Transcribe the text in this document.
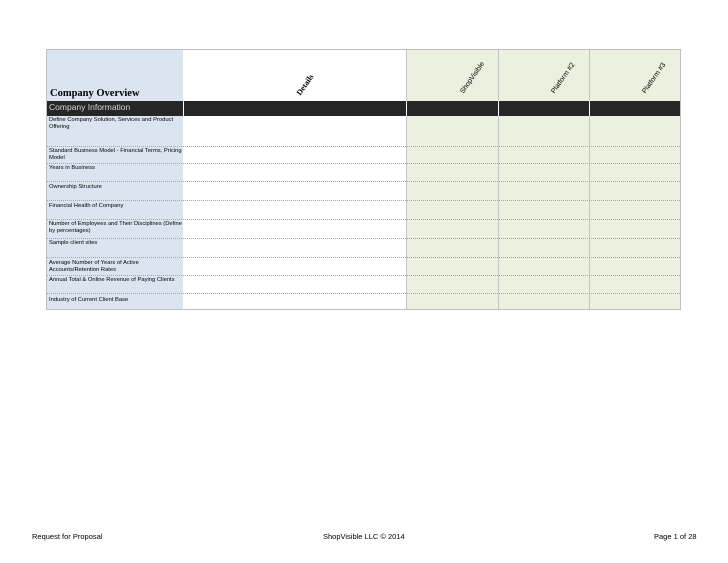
Company Overview	Details	ShopVisible	Platform #2	Platform #3
Company Information
Define Company Solution, Services and Product Offering
Standard Business Model - Financial Terms, Pricing Model
Years in Business
Ownership Structure
Financial Health of Company
Number of Employees and Their Disciplines (Define by percentages)
Sample client sites
Average Number of Years of Active Accounts/Retention Rates
Annual Total & Online Revenue of Paying Clients
Industry of Current Client Base
Request for Proposal	ShopVisible LLC © 2014	Page 1 of 28
